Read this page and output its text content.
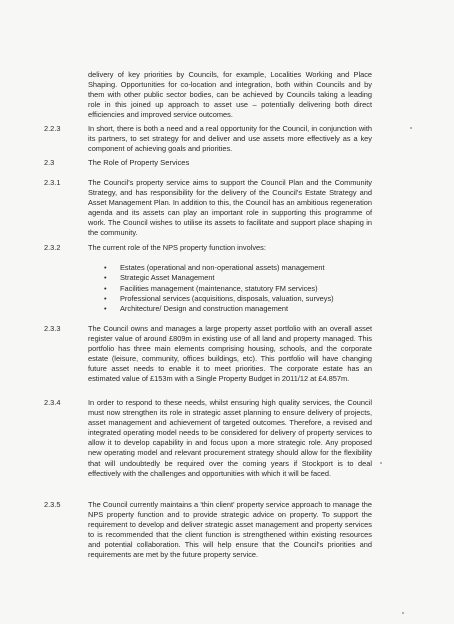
delivery of key priorities by Councils, for example, Localities Working and Place Shaping. Opportunities for co-location and integration, both within Councils and by them with other public sector bodies, can be achieved by Councils taking a leading role in this joined up approach to asset use – potentially delivering both direct efficiencies and improved service outcomes.
2.2.3	In short, there is both a need and a real opportunity for the Council, in conjunction with its partners, to set strategy for and deliver and use assets more effectively as a key component of achieving goals and priorities.
2.3	The Role of Property Services
2.3.1	The Council's property service aims to support the Council Plan and the Community Strategy, and has responsibility for the delivery of the Council's Estate Strategy and Asset Management Plan. In addition to this, the Council has an ambitious regeneration agenda and its assets can play an important role in supporting this programme of work. The Council wishes to utilise its assets to facilitate and support place shaping in the community.
2.3.2	The current role of the NPS property function involves:
• Estates (operational and non-operational assets) management
• Strategic Asset Management
• Facilities management (maintenance, statutory FM services)
• Professional services (acquisitions, disposals, valuation, surveys)
• Architecture/ Design and construction management
2.3.3	The Council owns and manages a large property asset portfolio with an overall asset register value of around £809m in existing use of all land and property managed. This portfolio has three main elements comprising housing, schools, and the corporate estate (leisure, community, offices buildings, etc). This portfolio will have changing future asset needs to enable it to meet priorities. The corporate estate has an estimated value of £153m with a Single Property Budget in 2011/12 at £4.857m.
2.3.4	In order to respond to these needs, whilst ensuring high quality services, the Council must now strengthen its role in strategic asset planning to ensure delivery of projects, asset management and achievement of targeted outcomes. Therefore, a revised and integrated operating model needs to be considered for delivery of property services to allow it to develop capability in and focus upon a more strategic role. Any proposed new operating model and relevant procurement strategy should allow for the flexibility that will undoubtedly be required over the coming years if Stockport is to deal effectively with the challenges and opportunities with which it will be faced.
2.3.5	The Council currently maintains a 'thin client' property service approach to manage the NPS property function and to provide strategic advice on property. To support the requirement to develop and deliver strategic asset management and property services to is recommended that the client function is strengthened within existing resources and potential collaboration. This will help ensure that the Council's priorities and requirements are met by the future property service.
